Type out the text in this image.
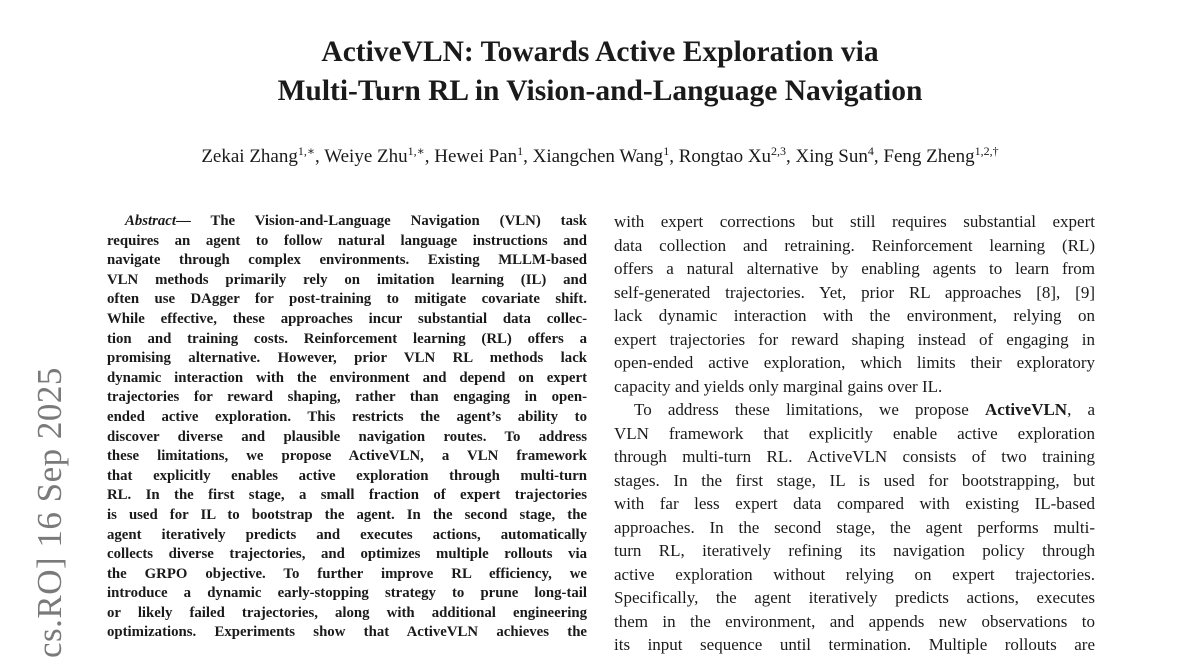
ActiveVLN: Towards Active Exploration via
Multi-Turn RL in Vision-and-Language Navigation
Zekai Zhang$^{1,∗}$, Weiye Zhu$^{1,∗}$, Hewei Pan$^1$, Xiangchen Wang$^1$, Rongtao Xu$^{2,3}$, Xing Sun$^4$, Feng Zheng$^{1,2,\dagger}$
cs.RO] 16 Sep 2025
Abstract— The Vision-and-Language Navigation (VLN) task
requires an agent to follow natural language instructions and
navigate through complex environments. Existing MLLM-based
VLN methods primarily rely on imitation learning (IL) and
often use DAgger for post-training to mitigate covariate shift.
While effective, these approaches incur substantial data collec-
tion and training costs. Reinforcement learning (RL) offers a
promising alternative. However, prior VLN RL methods lack
dynamic interaction with the environment and depend on expert
trajectories for reward shaping, rather than engaging in open-
ended active exploration. This restricts the agent’s ability to
discover diverse and plausible navigation routes. To address
these limitations, we propose ActiveVLN, a VLN framework
that explicitly enables active exploration through multi-turn
RL. In the first stage, a small fraction of expert trajectories
is used for IL to bootstrap the agent. In the second stage, the
agent iteratively predicts and executes actions, automatically
collects diverse trajectories, and optimizes multiple rollouts via
the GRPO objective. To further improve RL efficiency, we
introduce a dynamic early-stopping strategy to prune long-tail
or likely failed trajectories, along with additional engineering
optimizations. Experiments show that ActiveVLN achieves the
with expert corrections but still requires substantial expert
data collection and retraining. Reinforcement learning (RL)
offers a natural alternative by enabling agents to learn from
self-generated trajectories. Yet, prior RL approaches [8], [9]
lack dynamic interaction with the environment, relying on
expert trajectories for reward shaping instead of engaging in
open-ended active exploration, which limits their exploratory
capacity and yields only marginal gains over IL.
To address these limitations, we propose ActiveVLN, a
VLN framework that explicitly enable active exploration
through multi-turn RL. ActiveVLN consists of two training
stages. In the first stage, IL is used for bootstrapping, but
with far less expert data compared with existing IL-based
approaches. In the second stage, the agent performs multi-
turn RL, iteratively refining its navigation policy through
active exploration without relying on expert trajectories.
Specifically, the agent iteratively predicts actions, executes
them in the environment, and appends new observations to
its input sequence until termination. Multiple rollouts are
